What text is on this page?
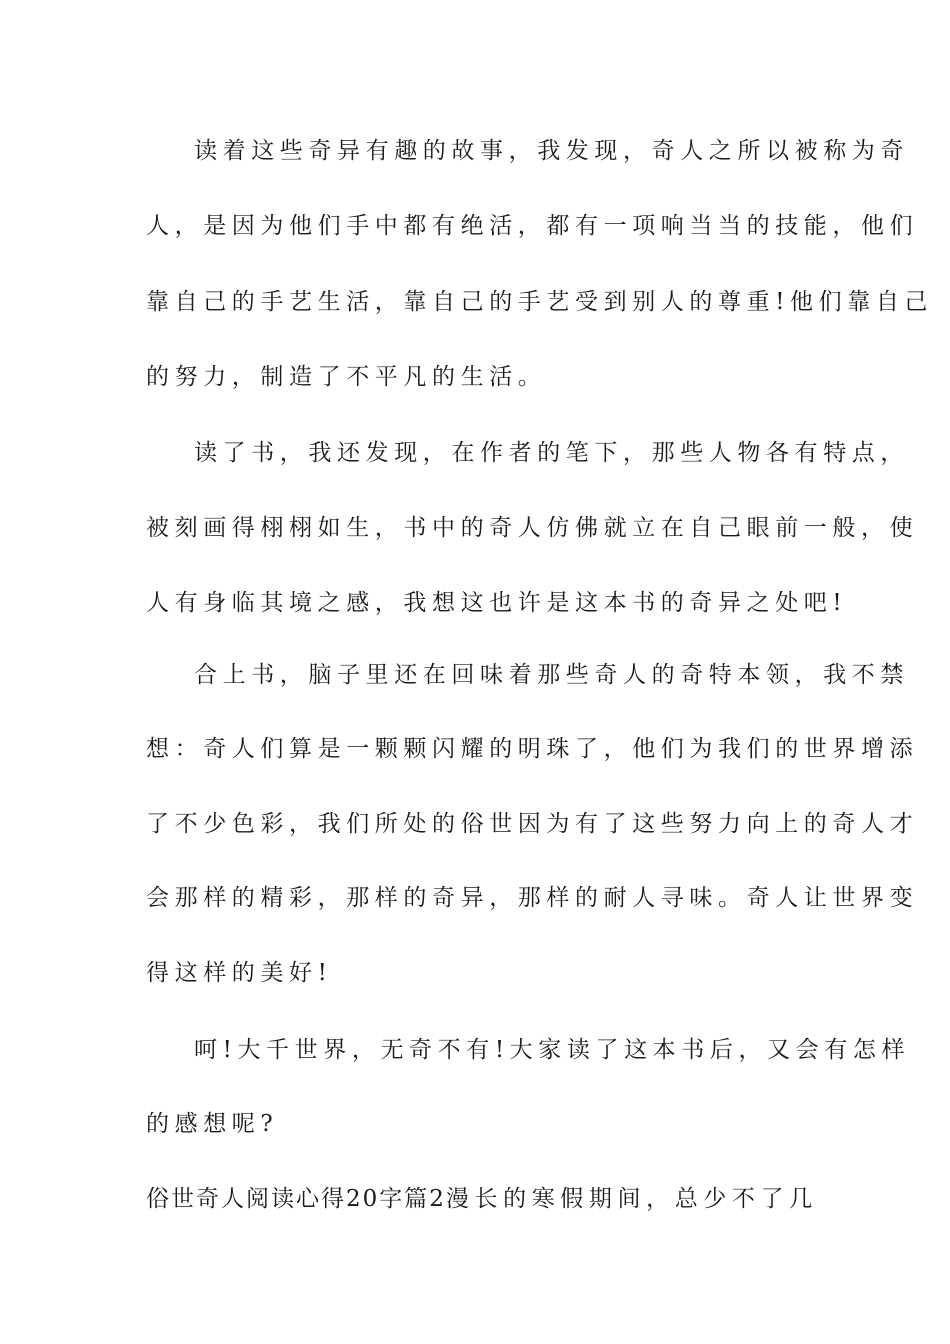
读着这些奇异有趣的故事，我发现，奇人之所以被称为奇
人，是因为他们手中都有绝活，都有一项响当当的技能，他们
靠自己的手艺生活，靠自己的手艺受到别人的尊重!他们靠自己
的努力，制造了不平凡的生活。
读了书，我还发现，在作者的笔下，那些人物各有特点，
被刻画得栩栩如生，书中的奇人仿佛就立在自己眼前一般，使
人有身临其境之感，我想这也许是这本书的奇异之处吧!
合上书，脑子里还在回味着那些奇人的奇特本领，我不禁
想：奇人们算是一颗颗闪耀的明珠了，他们为我们的世界增添
了不少色彩，我们所处的俗世因为有了这些努力向上的奇人才
会那样的精彩，那样的奇异，那样的耐人寻味。奇人让世界变
得这样的美好!
呵!大千世界，无奇不有!大家读了这本书后，又会有怎样
的感想呢?
俗世奇人阅读心得20字篇2 漫长的寒假期间，总少不了几
